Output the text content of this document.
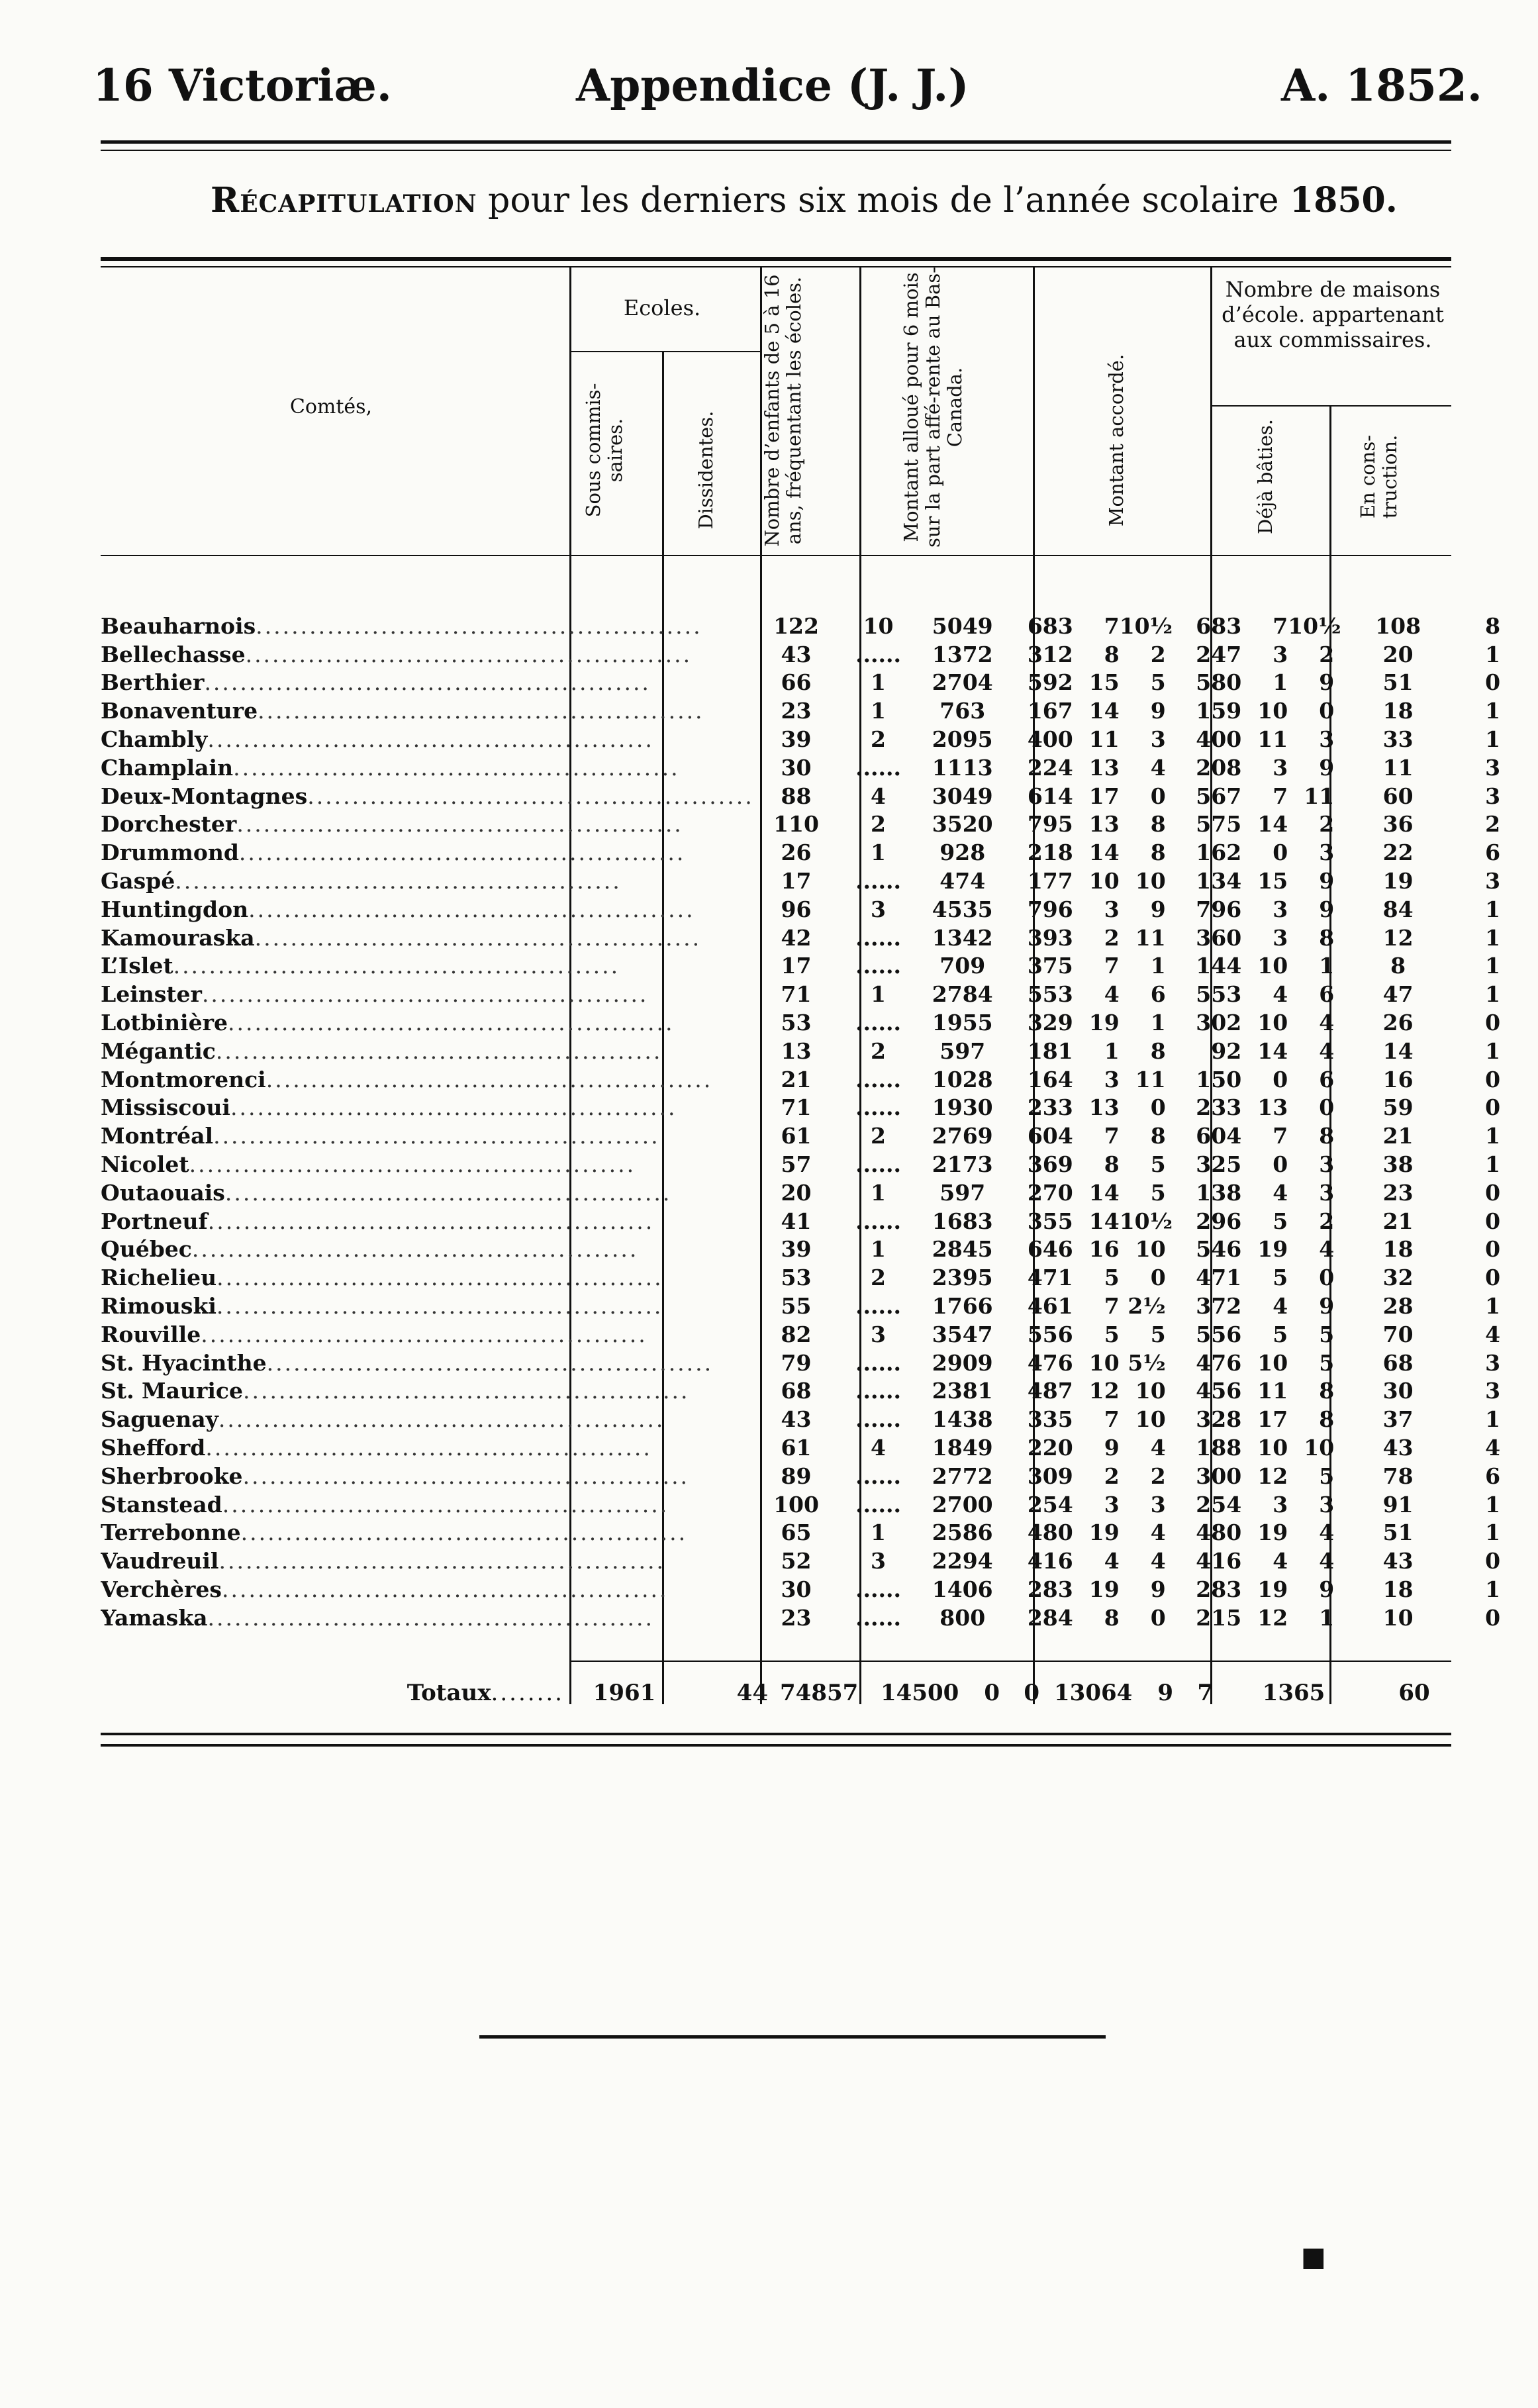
16 Victoriæ.	Appendice (J. J.)	A. 1852.
Récapitulation pour les derniers six mois de l’année scolaire 1850.
Comtés,
Ecoles.
Nombre de maisons d’école. appartenant aux commissaires.
Sous commis-saires.	Dissidentes. Nombre d’enfants de 5 à 16 ans, fréquentant les écoles.	Montant alloué pour 6 mois sur la part affé-rente au Bas-Canada.	Montant accordé.	Déjà bâties.	En cons-truction.
Beauharnois..................................................	122	10	5049	683 7 10½	683 7 10½	108	8
Bellechasse..................................................	43	......	1372	312 8 2	247 3 2	20	1
Berthier..................................................	66	1	2704	592 15 5	580 1 9	51	0
Bonaventure..................................................	23	1	763	167 14 9	159 10 0	18	1
Chambly..................................................	39	2	2095	400 11 3	400 11 3	33	1
Champlain..................................................	30	......	1113	224 13 4	208 3 9	11	3
Deux-Montagnes..................................................	88	4	3049	614 17 0	567 7 11	60	3
Dorchester..................................................	110	2	3520	795 13 8	575 14 2	36	2
Drummond..................................................	26	1	928	218 14 8	162 0 3	22	6
Gaspé..................................................	17	......	474	177 10 10	134 15 9	19	3
Huntingdon..................................................	96	3	4535	796 3 9	796 3 9	84	1
Kamouraska..................................................	42	......	1342	393 2 11	360 3 8	12	1
L’Islet..................................................	17	......	709	375 7 1	144 10 1	8	1
Leinster..................................................	71	1	2784	553 4 6	553 4 6	47	1
Lotbinière..................................................	53	......	1955	329 19 1	302 10 4	26	0
Mégantic..................................................	13	2	597	181 1 8	92 14 4	14	1
Montmorenci..................................................	21	......	1028	164 3 11	150 0 6	16	0
Missiscoui..................................................	71	......	1930	233 13 0	233 13 0	59	0
Montréal..................................................	61	2	2769	604 7 8	604 7 8	21	1
Nicolet..................................................	57	......	2173	369 8 5	325 0 3	38	1
Outaouais..................................................	20	1	597	270 14 5	138 4 3	23	0
Portneuf..................................................	41	......	1683	355 14 10½	296 5 2	21	0
Québec..................................................	39	1	2845	646 16 10	546 19 4	18	0
Richelieu..................................................	53	2	2395	471 5 0	471 5 0	32	0
Rimouski..................................................	55	......	1766	461 7 2½	372 4 9	28	1
Rouville..................................................	82	3	3547	556 5 5	556 5 5	70	4
St. Hyacinthe..................................................	79	......	2909	476 10 5½	476 10 5	68	3
St. Maurice..................................................	68	......	2381	487 12 10	456 11 8	30	3
Saguenay..................................................	43	......	1438	335 7 10	328 17 8	37	1
Shefford..................................................	61	4	1849	220 9 4	188 10 10	43	4
Sherbrooke..................................................	89	......	2772	309 2 2	300 12 5	78	6
Stanstead..................................................	100	......	2700	254 3 3	254 3 3	91	1
Terrebonne..................................................	65	1	2586	480 19 4	480 19 4	51	1
Vaudreuil..................................................	52	3	2294	416 4 4	416 4 4	43	0
Verchères..................................................	30	......	1406	283 19 9	283 19 9	18	1
Yamaska..................................................	23	......	800	284 8 0	215 12 1	10	0
Totaux........	1961	44	74857	14500	0	0	13064	9	7	1365	60
■
